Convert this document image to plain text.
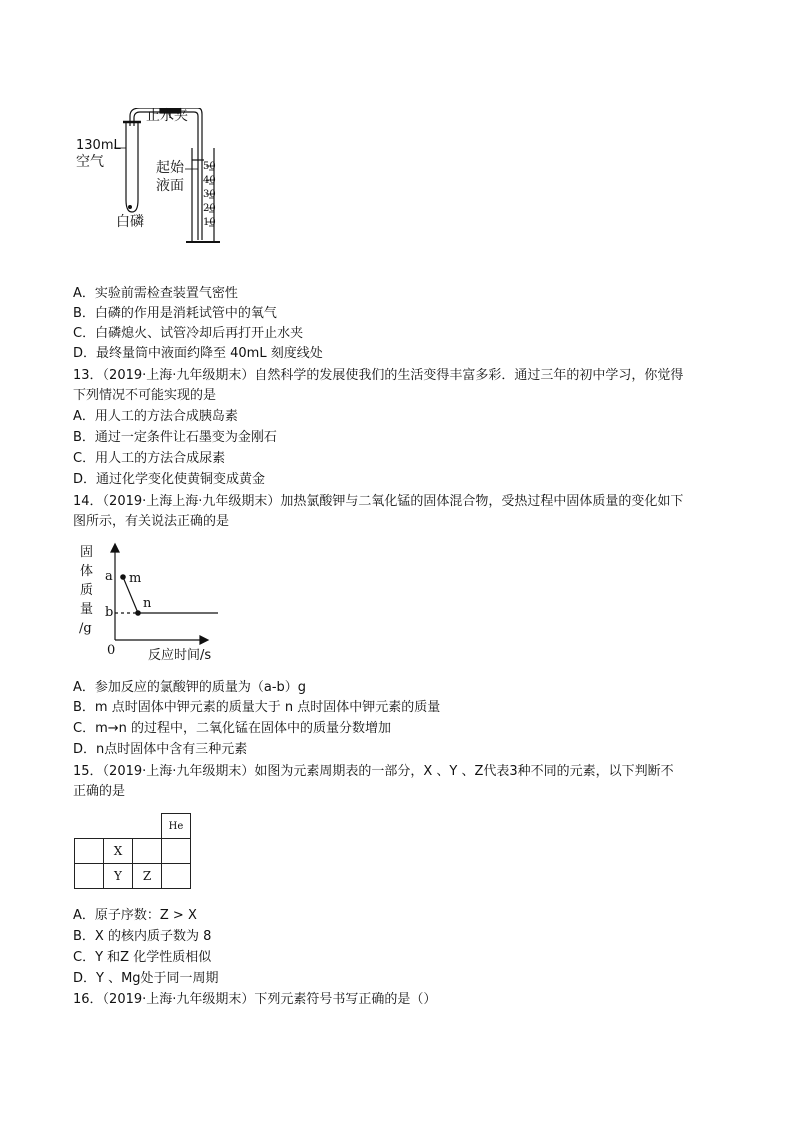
止水夹
130mL
空气	起始
液面
白磷
50
40
30
20
10
A．实验前需检查装置气密性
B．白磷的作用是消耗试管中的氧气
C．白磷熄火、试管冷却后再打开止水夹
D．最终量筒中液面约降至 40mL 刻度线处
13．（2019·上海·九年级期末）自然科学的发展使我们的生活变得丰富多彩．通过三年的初中学习，你觉得
下列情况不可能实现的是
A．用人工的方法合成胰岛素
B．通过一定条件让石墨变为金刚石
C．用人工的方法合成尿素
D．通过化学变化使黄铜变成黄金
14．（2019·上海上海·九年级期末）加热氯酸钾与二氧化锰的固体混合物，受热过程中固体质量的变化如下
图所示，有关说法正确的是
固
体
质
量
/g
a
b
m
n
0	反应时间/s
A．参加反应的氯酸钾的质量为（a-b）g
B．m 点时固体中钾元素的质量大于 n 点时固体中钾元素的质量
C．m→n 的过程中，二氧化锰在固体中的质量分数增加
D．n点时固体中含有三种元素
15．（2019·上海·九年级期末）如图为元素周期表的一部分，X 、Y 、Z代表3种不同的元素，以下判断不
正确的是
			He
	X		
	Y	Z	
A．原子序数：Z > X
B．X 的核内质子数为 8
C．Y 和Z 化学性质相似
D．Y 、Mg处于同一周期
16．（2019·上海·九年级期末）下列元素符号书写正确的是（）
